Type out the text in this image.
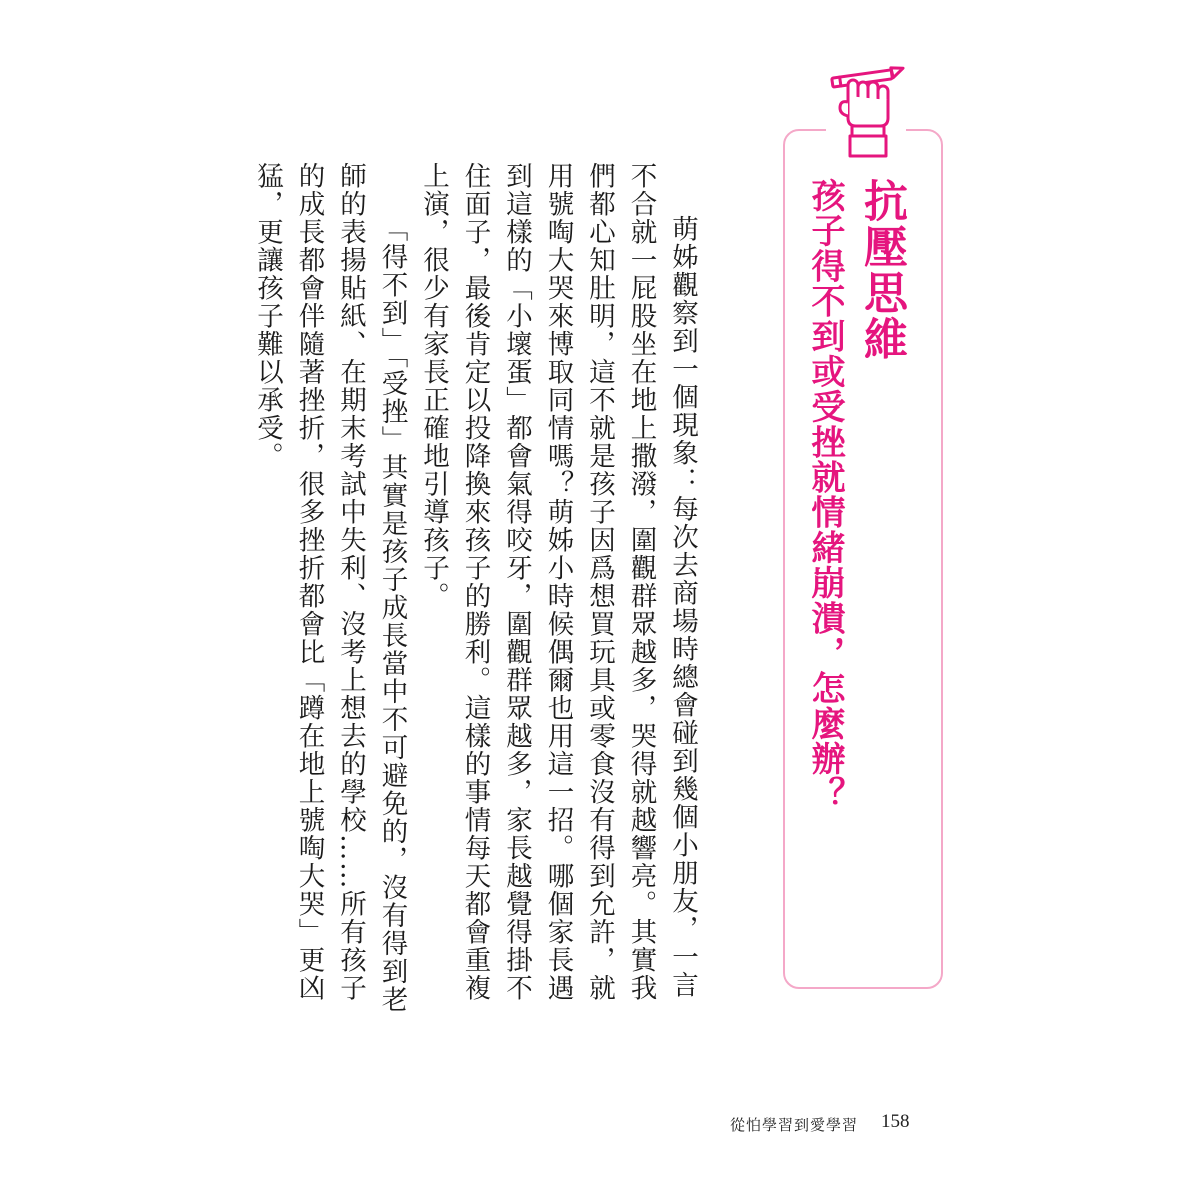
抗壓思維
孩子得不到或受挫就情緒崩潰，怎麼辦？

萌姊觀察到一個現象：每次去商場時總會碰到幾個小朋友，一言不合就一屁股坐在地上撒潑，圍觀群眾越多，哭得就越響亮。其實我們都心知肚明，這不就是孩子因爲想買玩具或零食沒有得到允許，就用號啕大哭來博取同情嗎？萌姊小時候偶爾也用這一招。哪個家長遇到這樣的「小壞蛋」都會氣得咬牙，圍觀群眾越多，家長越覺得掛不住面子，最後肯定以投降換來孩子的勝利。這樣的事情每天都會重複上演，很少有家長正確地引導孩子。

「得不到」「受挫」其實是孩子成長當中不可避免的，沒有得到老師的表揚貼紙、在期末考試中失利、沒考上想去的學校……所有孩子的成長都會伴隨著挫折，很多挫折都會比「蹲在地上號啕大哭」更凶猛，更讓孩子難以承受。

從怕學習到愛學習 158
